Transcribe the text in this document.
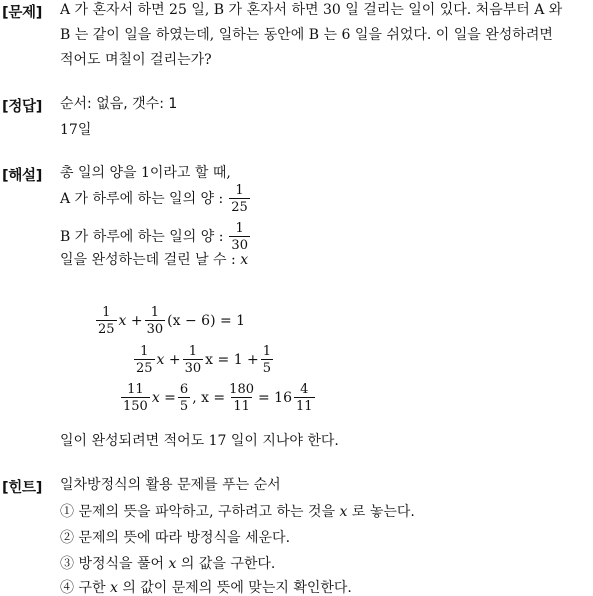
[문제] A 가 혼자서 하면 25 일, B 가 혼자서 하면 30 일 걸리는 일이 있다. 처음부터 A 와
B 는 같이 일을 하였는데, 일하는 동안에 B 는 6 일을 쉬었다. 이 일을 완성하려면
적어도 며칠이 걸리는가?
[정답] 순서: 없음, 갯수: 1
17일
[해설] 총 일의 양을 1이라고 할 때,
A 가 하루에 하는 일의 양 : $\frac{1}{25}$
B 가 하루에 하는 일의 양 : $\frac{1}{30}$
일을 완성하는데 걸린 날 수 : x
$\frac{1}{25}$ $x + \frac{1}{30} (x - 6) = 1$
$\frac{1}{25}$ $x + \frac{1}{30}$ $x = 1 + \frac{1}{5}$
$\frac{11}{150}$ $x = \frac{6}{5}$ , $x = \frac{180}{11} = 16 \frac{4}{11}$
일이 완성되려면 적어도 17 일이 지나야 한다.
[힌트] 일차방정식의 활용 문제를 푸는 순서
① 문제의 뜻을 파악하고, 구하려고 하는 것을 x 로 놓는다.
② 문제의 뜻에 따라 방정식을 세운다.
③ 방정식을 풀어 x 의 값을 구한다.
④ 구한 x 의 값이 문제의 뜻에 맞는지 확인한다.
